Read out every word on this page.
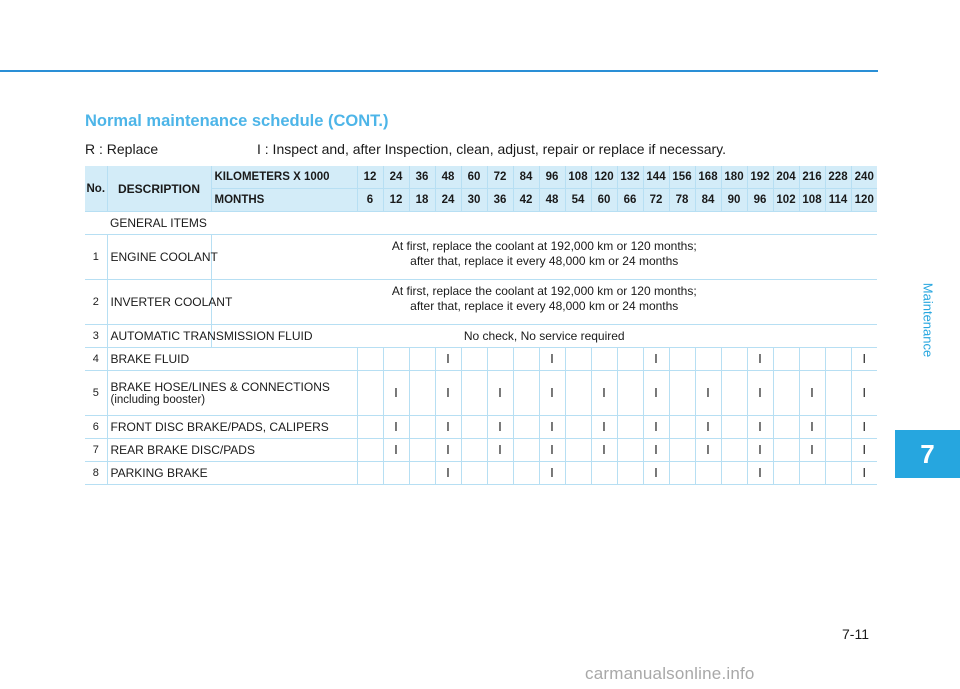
Normal maintenance schedule (CONT.)
R : Replace	I : Inspect and, after Inspection, clean, adjust, repair or replace if necessary.
No.	DESCRIPTION	KILOMETERS X 1000	12	24	36	48	60	72	84	96	108	120	132	144	156	168	180	192	204	216	228	240
		MONTHS	6	12	18	24	30	36	42	48	54	60	66	72	78	84	90	96	102	108	114	120
GENERAL ITEMS																						
1	ENGINE COOLANT	At first, replace the coolant at 192,000 km or 120 months;
after that, replace it every 48,000 km or 24 months																				

2	INVERTER COOLANT	At first, replace the coolant at 192,000 km or 120 months;
after that, replace it every 48,000 km or 24 months																				

3	AUTOMATIC TRANSMISSION FLUID	No check, No service required																				

4	BRAKE FLUID					I				I				I				I				I
5	BRAKE HOSE/LINES & CONNECTIONS
(including booster)			I		I		I		I		I		I		I		I		I		I
6	FRONT DISC BRAKE/PADS, CALIPERS			I		I		I		I		I		I		I		I		I		I
7	REAR BRAKE DISC/PADS			I		I		I		I		I		I		I		I		I		I
8	PARKING BRAKE					I				I				I				I				I
Maintenance
7
7-11
carmanualsonline.info
